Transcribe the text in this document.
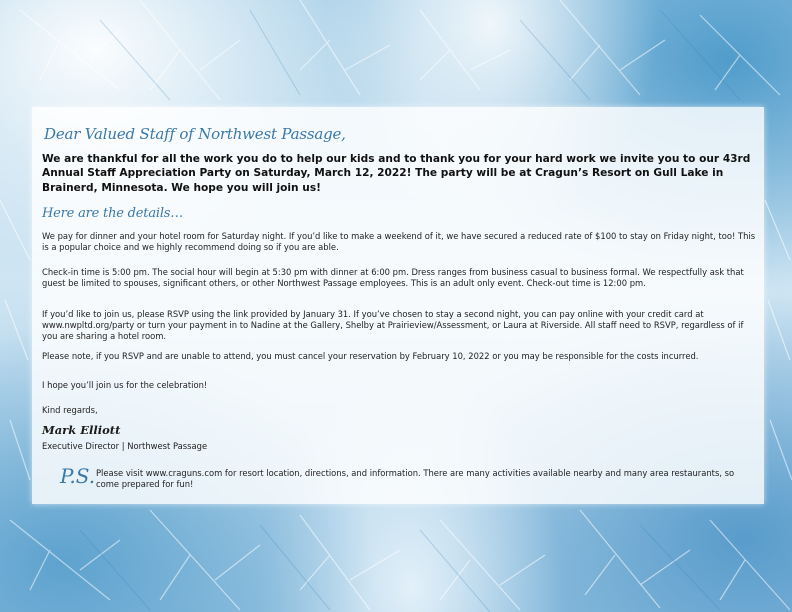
Dear Valued Staff of Northwest Passage,
We are thankful for all the work you do to help our kids and to thank you for your hard work we invite you to our 43rd Annual Staff Appreciation Party on Saturday, March 12, 2022! The party will be at Cragun’s Resort on Gull Lake in Brainerd, Minnesota. We hope you will join us!
Here are the details…

We pay for dinner and your hotel room for Saturday night. If you’d like to make a weekend of it, we have secured a reduced rate of $100 to stay on Friday night, too! This is a popular choice and we highly recommend doing so if you are able.

Check-in time is 5:00 pm. The social hour will begin at 5:30 pm with dinner at 6:00 pm. Dress ranges from business casual to business formal. We respectfully ask that guest be limited to spouses, significant others, or other Northwest Passage employees. This is an adult only event. Check-out time is 12:00 pm.

If you’d like to join us, please RSVP using the link provided by January 31. If you’ve chosen to stay a second night, you can pay online with your credit card at www.nwpltd.org/party or turn your payment in to Nadine at the Gallery, Shelby at Prairieview/Assessment, or Laura at Riverside. All staff need to RSVP, regardless of if you are sharing a hotel room.

Please note, if you RSVP and are unable to attend, you must cancel your reservation by February 10, 2022 or you may be responsible for the costs incurred.

I hope you’ll join us for the celebration!

Kind regards,

Mark Elliott
Executive Director | Northwest Passage
P.S. Please visit www.craguns.com for resort location, directions, and information. There are many activities available nearby and many area restaurants, so come prepared for fun!
